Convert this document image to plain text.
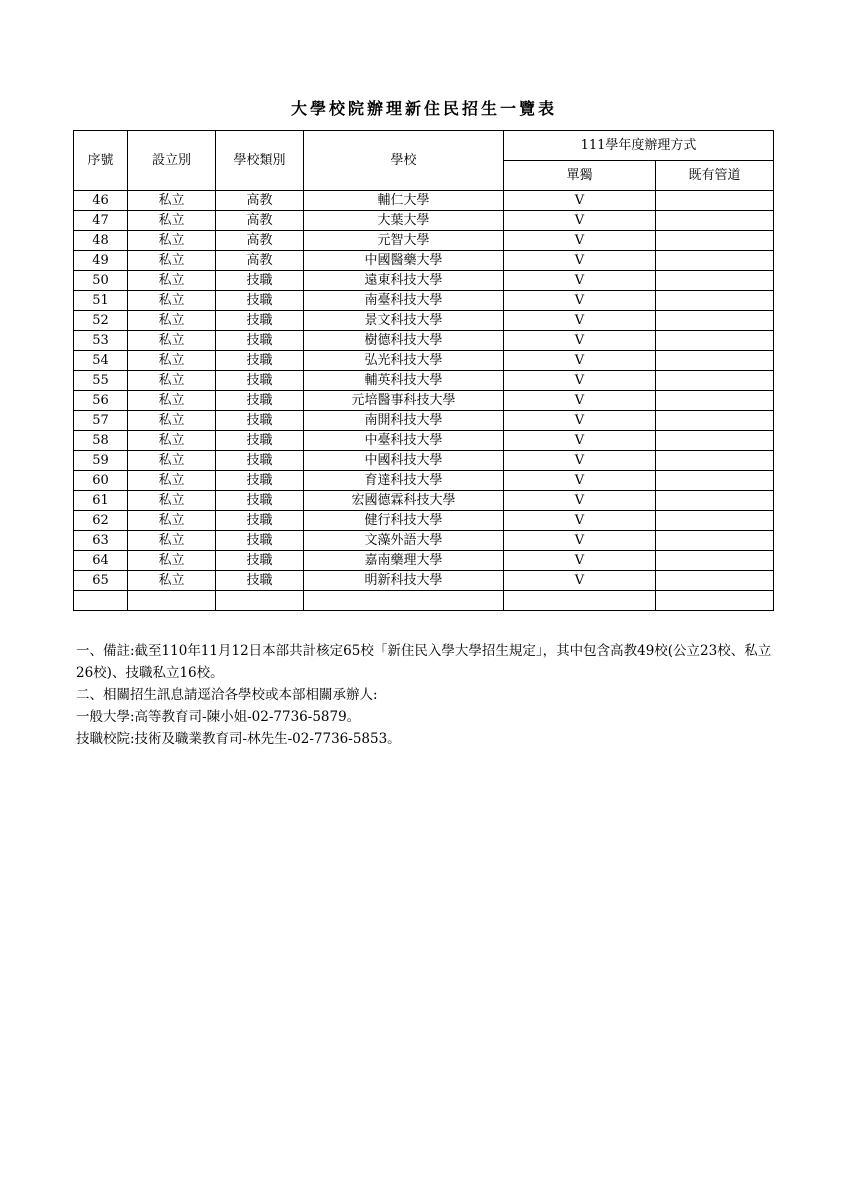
大學校院辦理新住民招生一覽表
序號	設立別	學校類別	學校	111學年度辦理方式	
				單獨	既有管道
46	私立	高教	輔仁大學	V	
47	私立	高教	大葉大學	V	
48	私立	高教	元智大學	V	
49	私立	高教	中國醫藥大學	V	
50	私立	技職	遠東科技大學	V	
51	私立	技職	南臺科技大學	V	
52	私立	技職	景文科技大學	V	
53	私立	技職	樹德科技大學	V	
54	私立	技職	弘光科技大學	V	
55	私立	技職	輔英科技大學	V	
56	私立	技職	元培醫事科技大學	V	
57	私立	技職	南開科技大學	V	
58	私立	技職	中臺科技大學	V	
59	私立	技職	中國科技大學	V	
60	私立	技職	育達科技大學	V	
61	私立	技職	宏國德霖科技大學	V	
62	私立	技職	健行科技大學	V	
63	私立	技職	文藻外語大學	V	
64	私立	技職	嘉南藥理大學	V	
65	私立	技職	明新科技大學	V	

一、備註:截至110年11月12日本部共計核定65校「新住民入學大學招生規定」，其中包含高教49校(公立23校、私立26校)、技職私立16校。

二、相關招生訊息請逕洽各學校或本部相關承辦人:

一般大學:高等教育司-陳小姐-02-7736-5879。

技職校院:技術及職業教育司-林先生-02-7736-5853。
